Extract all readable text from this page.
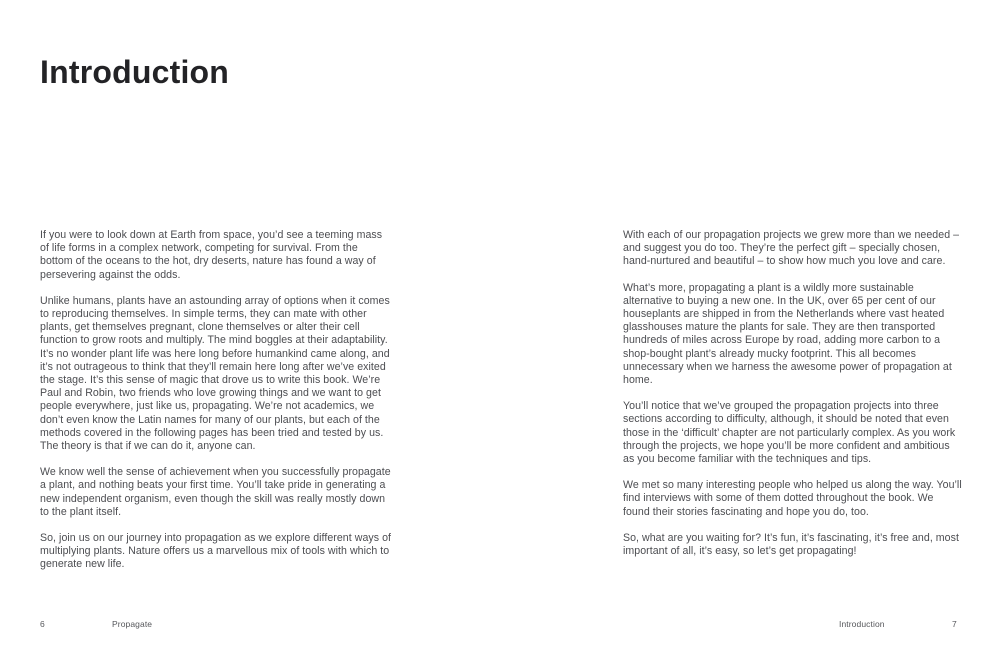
Introduction

If you were to look down at Earth from space, you’d see a teeming mass of life forms in a complex network, competing for survival. From the bottom of the oceans to the hot, dry deserts, nature has found a way of persevering against the odds.

Unlike humans, plants have an astounding array of options when it comes to reproducing themselves. In simple terms, they can mate with other plants, get themselves pregnant, clone themselves or alter their cell function to grow roots and multiply. The mind boggles at their adaptability. It’s no wonder plant life was here long before humankind came along, and it’s not outrageous to think that they’ll remain here long after we’ve exited the stage. It’s this sense of magic that drove us to write this book. We’re Paul and Robin, two friends who love growing things and we want to get people everywhere, just like us, propagating. We’re not academics, we don’t even know the Latin names for many of our plants, but each of the methods covered in the following pages has been tried and tested by us. The theory is that if we can do it, anyone can.

We know well the sense of achievement when you successfully propagate a plant, and nothing beats your first time. You’ll take pride in generating a new independent organism, even though the skill was really mostly down to the plant itself.

So, join us on our journey into propagation as we explore different ways of multiplying plants. Nature offers us a marvellous mix of tools with which to generate new life.

With each of our propagation projects we grew more than we needed – and suggest you do too. They’re the perfect gift – specially chosen, hand-nurtured and beautiful – to show how much you love and care.

What’s more, propagating a plant is a wildly more sustainable alternative to buying a new one. In the UK, over 65 per cent of our houseplants are shipped in from the Netherlands where vast heated glasshouses mature the plants for sale. They are then transported hundreds of miles across Europe by road, adding more carbon to a shop-bought plant’s already mucky footprint. This all becomes unnecessary when we harness the awesome power of propagation at home.

You’ll notice that we’ve grouped the propagation projects into three sections according to difficulty, although, it should be noted that even those in the ‘difficult’ chapter are not particularly complex. As you work through the projects, we hope you’ll be more confident and ambitious as you become familiar with the techniques and tips.

We met so many interesting people who helped us along the way. You’ll find interviews with some of them dotted throughout the book. We found their stories fascinating and hope you do, too.

So, what are you waiting for? It’s fun, it’s fascinating, it’s free and, most important of all, it’s easy, so let’s get propagating!

6	Propagate	Introduction	7
